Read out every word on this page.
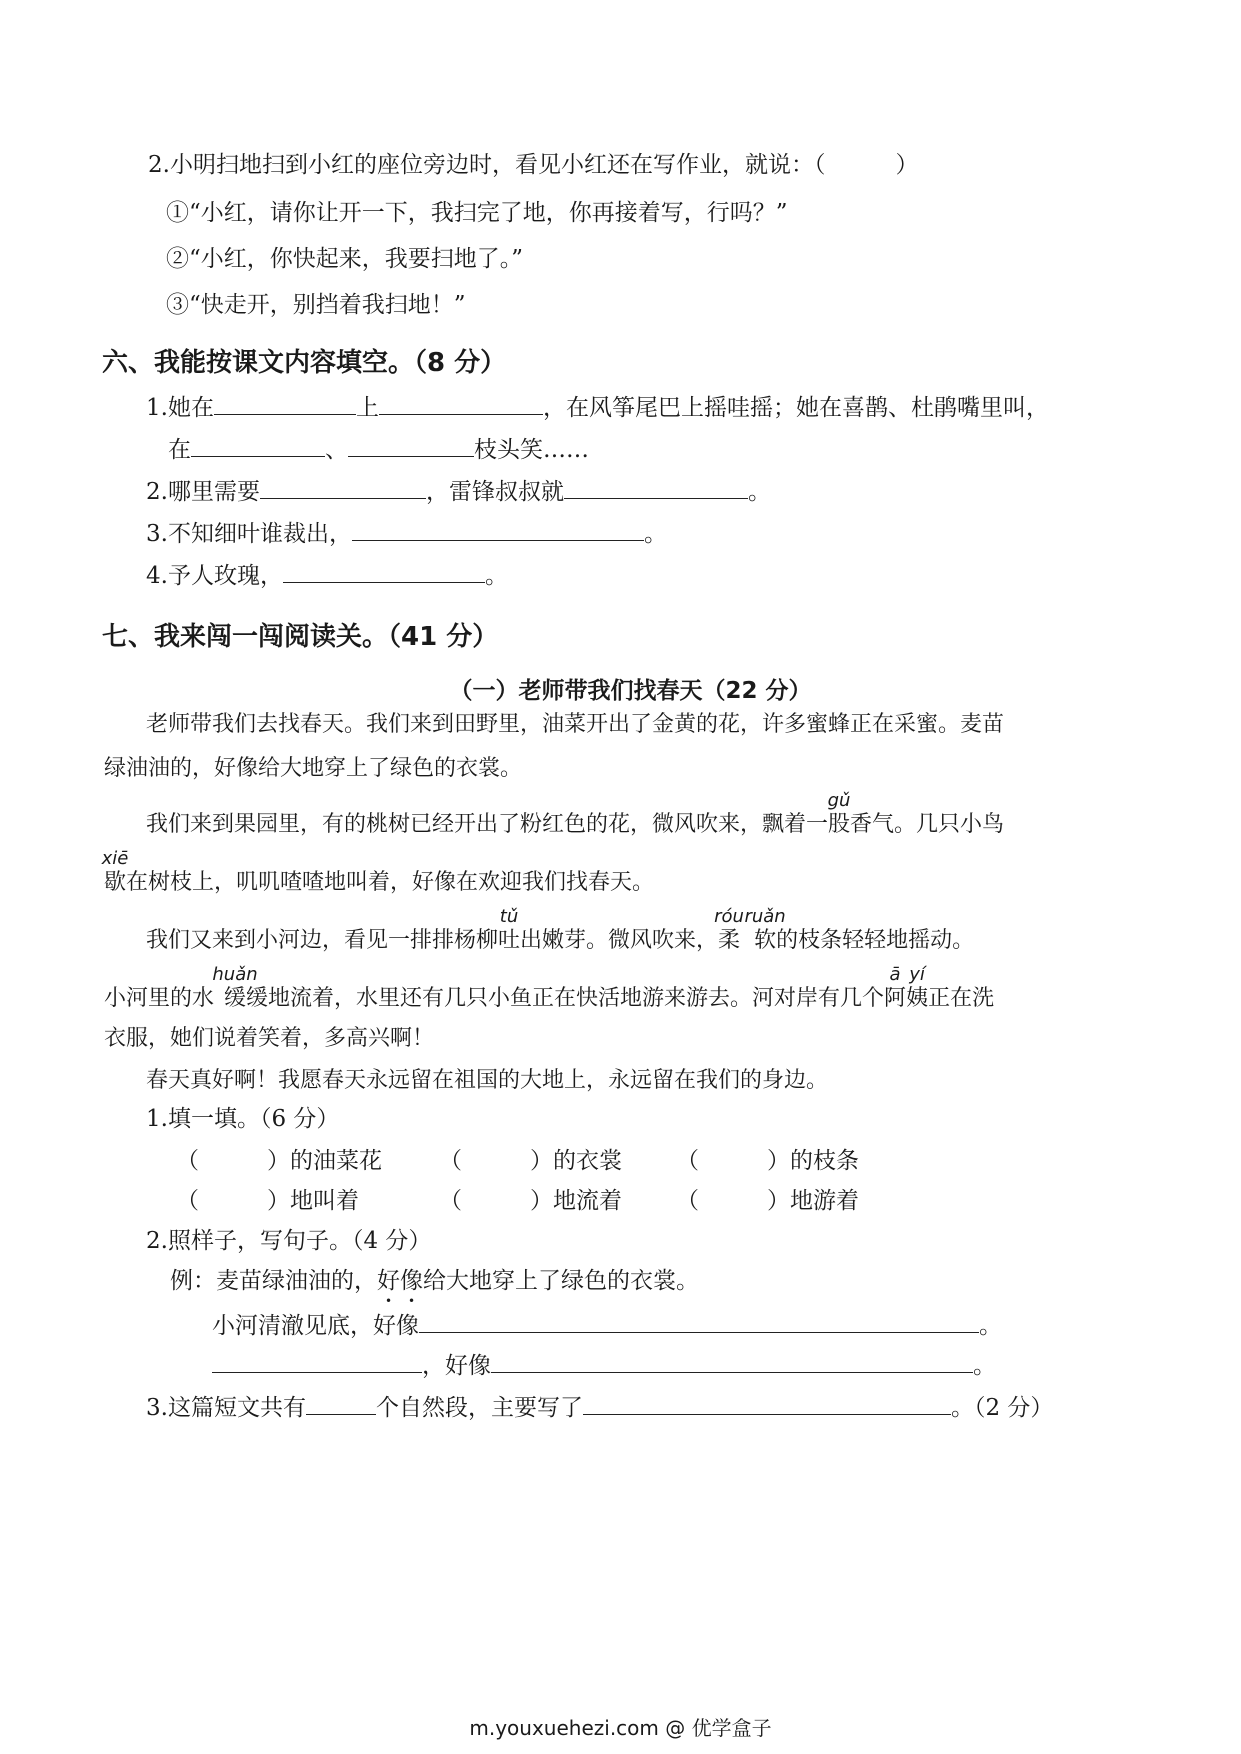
2.小明扫地扫到小红的座位旁边时，看见小红还在写作业，就说：（	）
①“小红，请你让开一下，我扫完了地，你再接着写，行吗？”
②“小红，你快起来，我要扫地了。”
③“快走开，别挡着我扫地！”
六、我能按课文内容填空。（8 分）
1.她在	上	，在风筝尾巴上摇哇摇；她在喜鹊、杜鹃嘴里叫，
在	、	枝头笑……
2.哪里需要	，雷锋叔叔就	。
3.不知细叶谁裁出，	。
4.予人玫瑰，	。
七、我来闯一闯阅读关。（41 分）
（一）老师带我们找春天（22 分）
老师带我们去找春天。我们来到田野里，油菜开出了金黄的花，许多蜜蜂正在采蜜。麦苗
绿油油的，好像给大地穿上了绿色的衣裳。
我们来到果园里，有的桃树已经开出了粉红色的花，微风吹来，飘着一股
gǔ
香气。几只小鸟
歇
xiē
在树枝上，叽叽喳喳地叫着，好像在欢迎我们找春天。
我们又来到小河边，看见一排排杨柳吐
tǔ
出嫩芽。微风吹来，柔
róu
软
ruǎn
的枝条轻轻地摇动。
小河里的水 缓
huǎn
缓地流着，水里还有几只小鱼正在快活地游来游去。河对岸有几个阿
ā
姨
yí
正在洗
衣服，她们说着笑着，多高兴啊！
春天真好啊！我愿春天永远留在祖国的大地上，永远留在我们的身边。
1.填一填。（6 分）
（	）的油菜花 （	）的衣裳 （	）的枝条
（	）地叫着	（	）地流着 （	）地游着
2.照样子，写句子。（4 分）
例：麦苗绿油油的，好像给大地穿上了绿色的衣裳。
小河清澈见底，好像	。
，好像	。
3.这篇短文共有	个自然段，主要写了	。（2 分）
m.youxuehezi.com @ 优学盒子
